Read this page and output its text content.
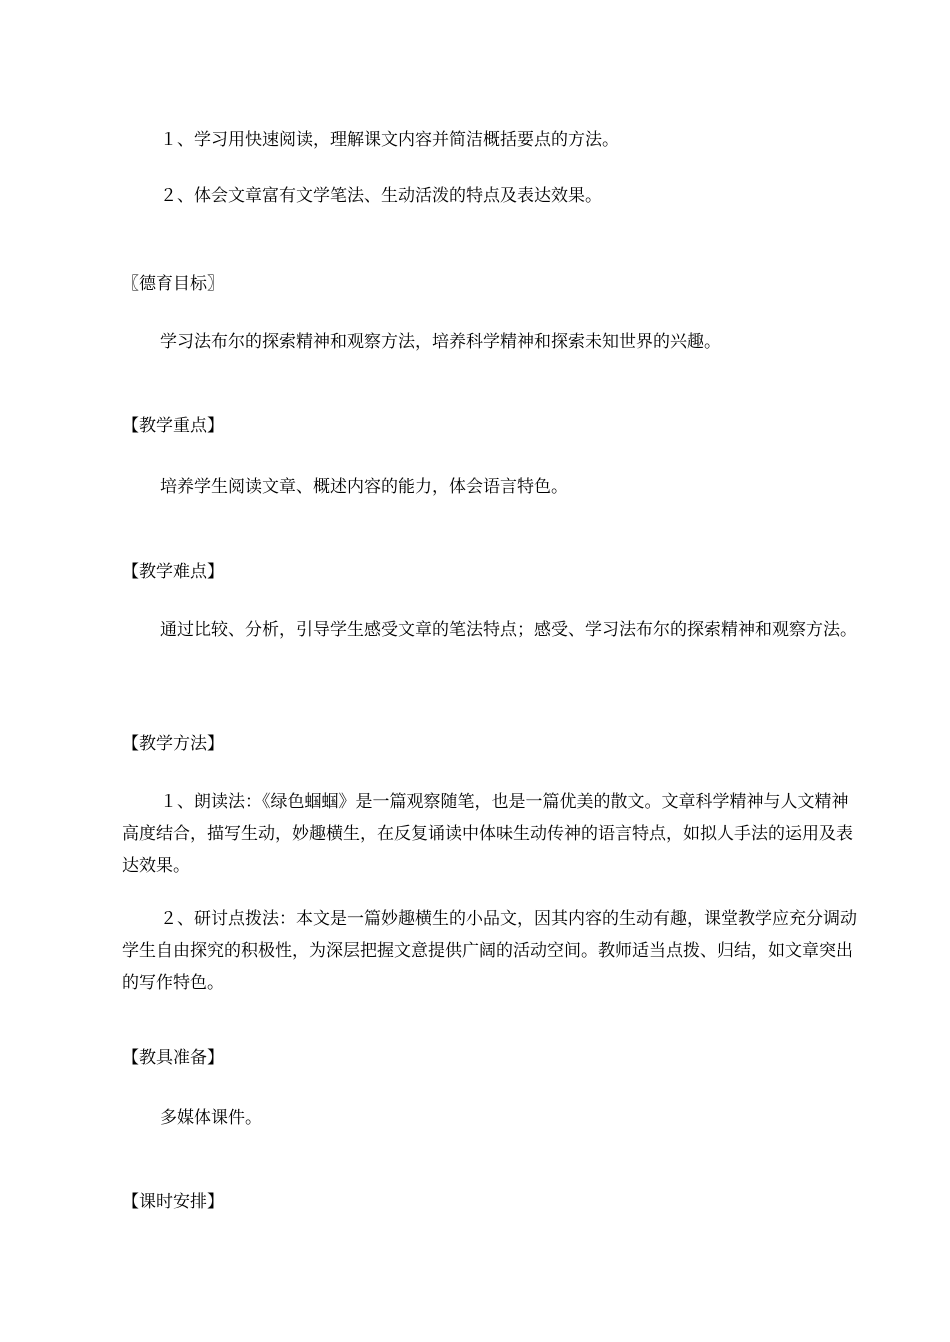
１、学习用快速阅读，理解课文内容并简洁概括要点的方法。
２、体会文章富有文学笔法、生动活泼的特点及表达效果。
〖德育目标〗
学习法布尔的探索精神和观察方法，培养科学精神和探索未知世界的兴趣。
【教学重点】
培养学生阅读文章、概述内容的能力，体会语言特色。
【教学难点】
通过比较、分析，引导学生感受文章的笔法特点；感受、学习法布尔的探索精神和观察方法。
【教学方法】
１、朗读法：《绿色蝈蝈》是一篇观察随笔，也是一篇优美的散文。文章科学精神与人文精神高度结合，描写生动，妙趣横生，在反复诵读中体味生动传神的语言特点，如拟人手法的运用及表达效果。
２、研讨点拨法：本文是一篇妙趣横生的小品文，因其内容的生动有趣，课堂教学应充分调动学生自由探究的积极性，为深层把握文意提供广阔的活动空间。教师适当点拨、归结，如文章突出的写作特色。
【教具准备】
多媒体课件。
【课时安排】
